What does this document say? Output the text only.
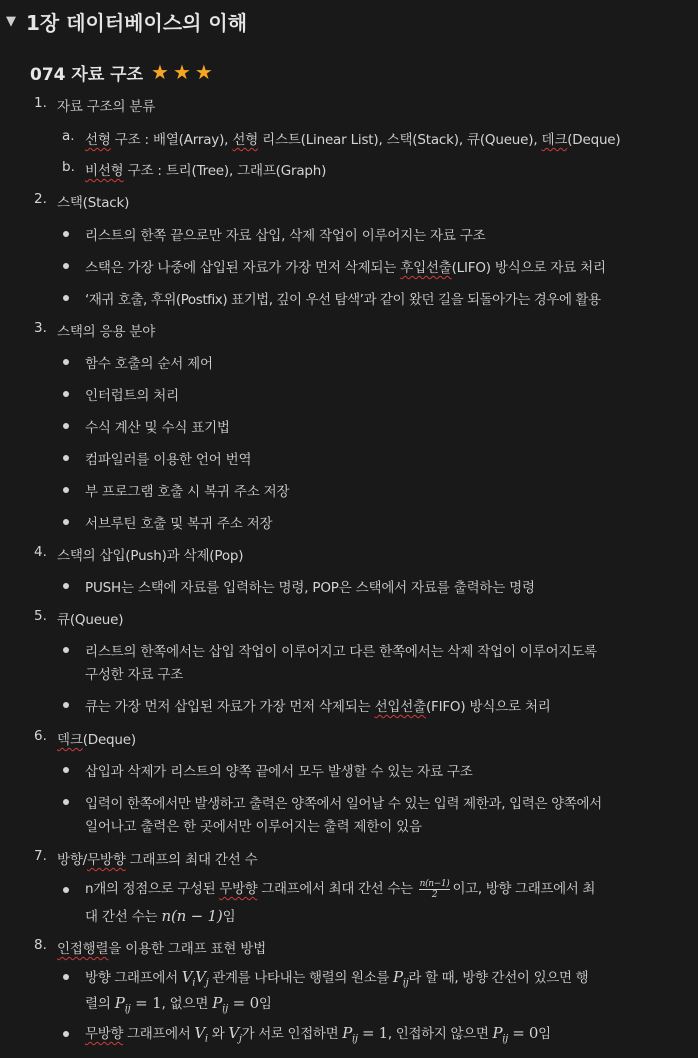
▼ 1장 데이터베이스의 이해
074 자료 구조 ★ ★ ★
1. 자료 구조의 분류
a. 선형 구조 : 배열(Array), 선형 리스트(Linear List), 스택(Stack), 큐(Queue), 데크(Deque)
b. 비선형 구조 : 트리(Tree), 그래프(Graph)
2. 스택(Stack)
리스트의 한쪽 끝으로만 자료 삽입, 삭제 작업이 이루어지는 자료 구조
스택은 가장 나중에 삽입된 자료가 가장 먼저 삭제되는 후입선출(LIFO) 방식으로 자료 처리
‘재귀 호출, 후위(Postfix) 표기법, 깊이 우선 탐색’과 같이 왔던 길을 되돌아가는 경우에 활용
3. 스택의 응용 분야
함수 호출의 순서 제어
인터럽트의 처리
수식 계산 및 수식 표기법
컴파일러를 이용한 언어 번역
부 프로그램 호출 시 복귀 주소 저장
서브루틴 호출 및 복귀 주소 저장
4. 스택의 삽입(Push)과 삭제(Pop)
PUSH는 스택에 자료를 입력하는 명령, POP은 스택에서 자료를 출력하는 명령
5. 큐(Queue)
리스트의 한쪽에서는 삽입 작업이 이루어지고 다른 한쪽에서는 삭제 작업이 이루어지도록
구성한 자료 구조
큐는 가장 먼저 삽입된 자료가 가장 먼저 삭제되는 선입선출(FIFO) 방식으로 처리
6. 덱크(Deque)
삽입과 삭제가 리스트의 양쪽 끝에서 모두 발생할 수 있는 자료 구조
입력이 한쪽에서만 발생하고 출력은 양쪽에서 일어날 수 있는 입력 제한과, 입력은 양쪽에서
일어나고 출력은 한 곳에서만 이루어지는 출력 제한이 있음
7. 방향/무방향 그래프의 최대 간선 수
n개의 정점으로 구성된 무방향 그래프에서 최대 간선 수는 $\frac{n(n-1)}{2}$ 이고, 방향 그래프에서 최
대 간선 수는 n(n − 1)임
8. 인접행렬을 이용한 그래프 표현 방법
방향 그래프에서 $V_iV_j$ 관계를 나타내는 행렬의 원소를 $P_{ij}$라 할 때, 방향 간선이 있으면 행
렬의 $P_{ij} = 1$, 없으면 $P_{ij} = 0$임
무방향 그래프에서 $V_i$ 와 $V_j$가 서로 인접하면 $P_{ij} = 1$, 인접하지 않으면 $P_{ij} = 0$임
